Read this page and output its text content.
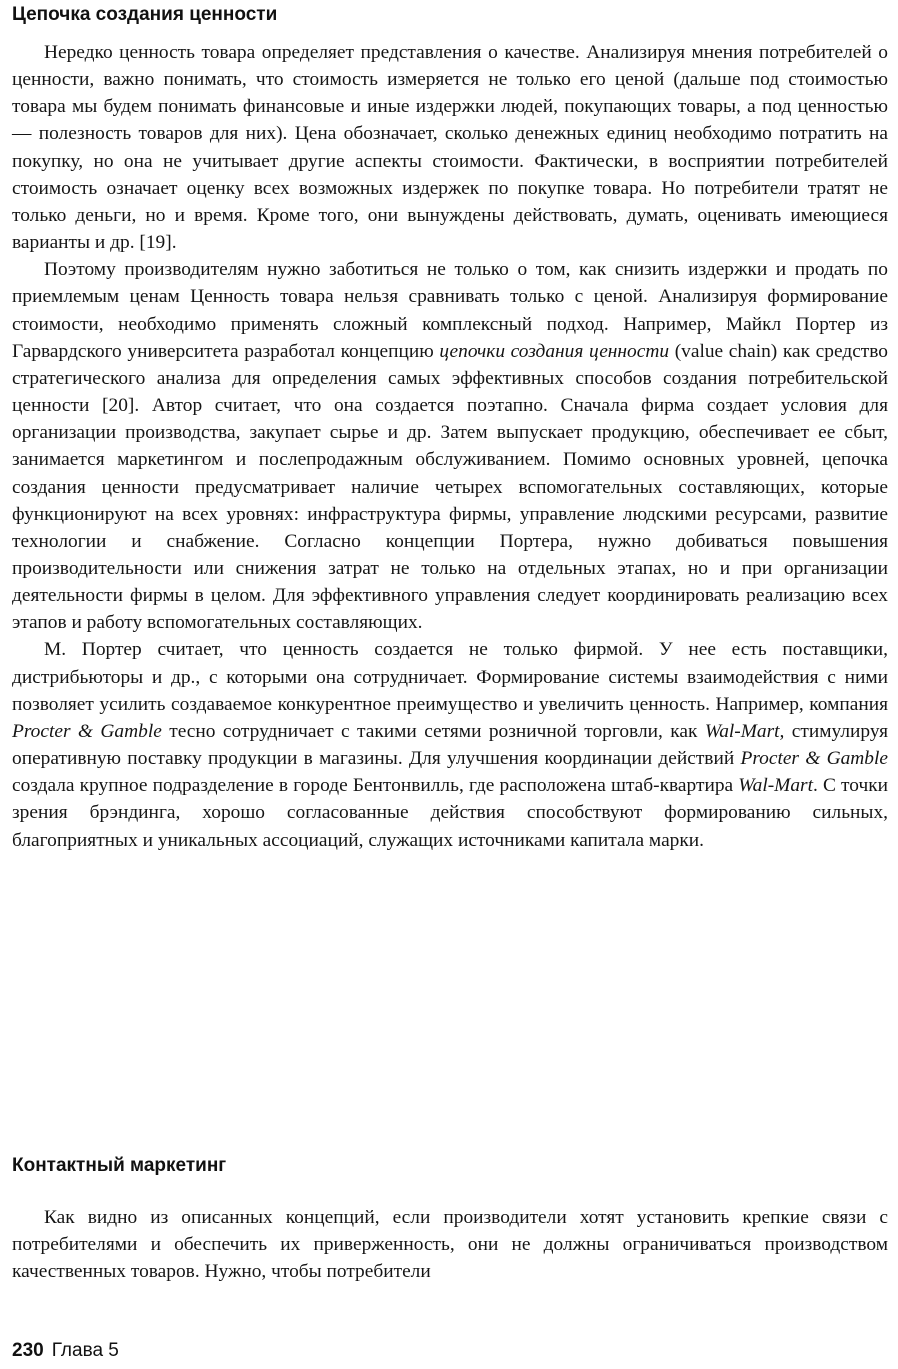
Цепочка создания ценности

Нередко ценность товара определяет представления о качестве. Анализируя мнения потребителей о ценности, важно понимать, что стоимость измеряется не только его ценой (дальше под стоимостью товара мы будем понимать финансовые и иные издержки людей, покупающих товары, а под ценностью — полезность товаров для них). Цена обозначает, сколько денежных единиц необходимо потратить на покупку, но она не учитывает другие аспекты стоимости. Фактически, в восприятии потребителей стоимость означает оценку всех возможных издержек по покупке товара. Но потребители тратят не только деньги, но и время. Кроме того, они вынуждены действовать, думать, оценивать имеющиеся варианты и др. [19].

Поэтому производителям нужно заботиться не только о том, как снизить издержки и продать по приемлемым ценам Ценность товара нельзя сравнивать только с ценой. Анализируя формирование стоимости, необходимо применять сложный комплексный подход. Например, Майкл Портер из Гарвардского университета разработал концепцию цепочки создания ценности (value chain) как средство стратегического анализа для определения самых эффективных способов создания потребительской ценности [20]. Автор считает, что она создается поэтапно. Сначала фирма создает условия для организации производства, закупает сырье и др. Затем выпускает продукцию, обеспечивает ее сбыт, занимается маркетингом и послепродажным обслуживанием. Помимо основных уровней, цепочка создания ценности предусматривает наличие четырех вспомогательных составляющих, которые функционируют на всех уровнях: инфраструктура фирмы, управление людскими ресурсами, развитие технологии и снабжение. Согласно концепции Портера, нужно добиваться повышения производительности или снижения затрат не только на отдельных этапах, но и при организации деятельности фирмы в целом. Для эффективного управления следует координировать реализацию всех этапов и работу вспомогательных составляющих.

М. Портер считает, что ценность создается не только фирмой. У нее есть поставщики, дистрибьюторы и др., с которыми она сотрудничает. Формирование системы взаимодействия с ними позволяет усилить создаваемое конкурентное преимущество и увеличить ценность. Например, компания Procter & Gamble тесно сотрудничает с такими сетями розничной торговли, как Wal-Mart, стимулируя оперативную поставку продукции в магазины. Для улучшения координации действий Procter & Gamble создала крупное подразделение в городе Бентонвилль, где расположена штаб-квартира Wal-Mart. С точки зрения брэндинга, хорошо согласованные действия способствуют формированию сильных, благоприятных и уникальных ассоциаций, служащих источниками капитала марки.

Контактный маркетинг

Как видно из описанных концепций, если производители хотят установить крепкие связи с потребителями и обеспечить их приверженность, они не должны ограничиваться производством качественных товаров. Нужно, чтобы потребители

230 Глава 5
